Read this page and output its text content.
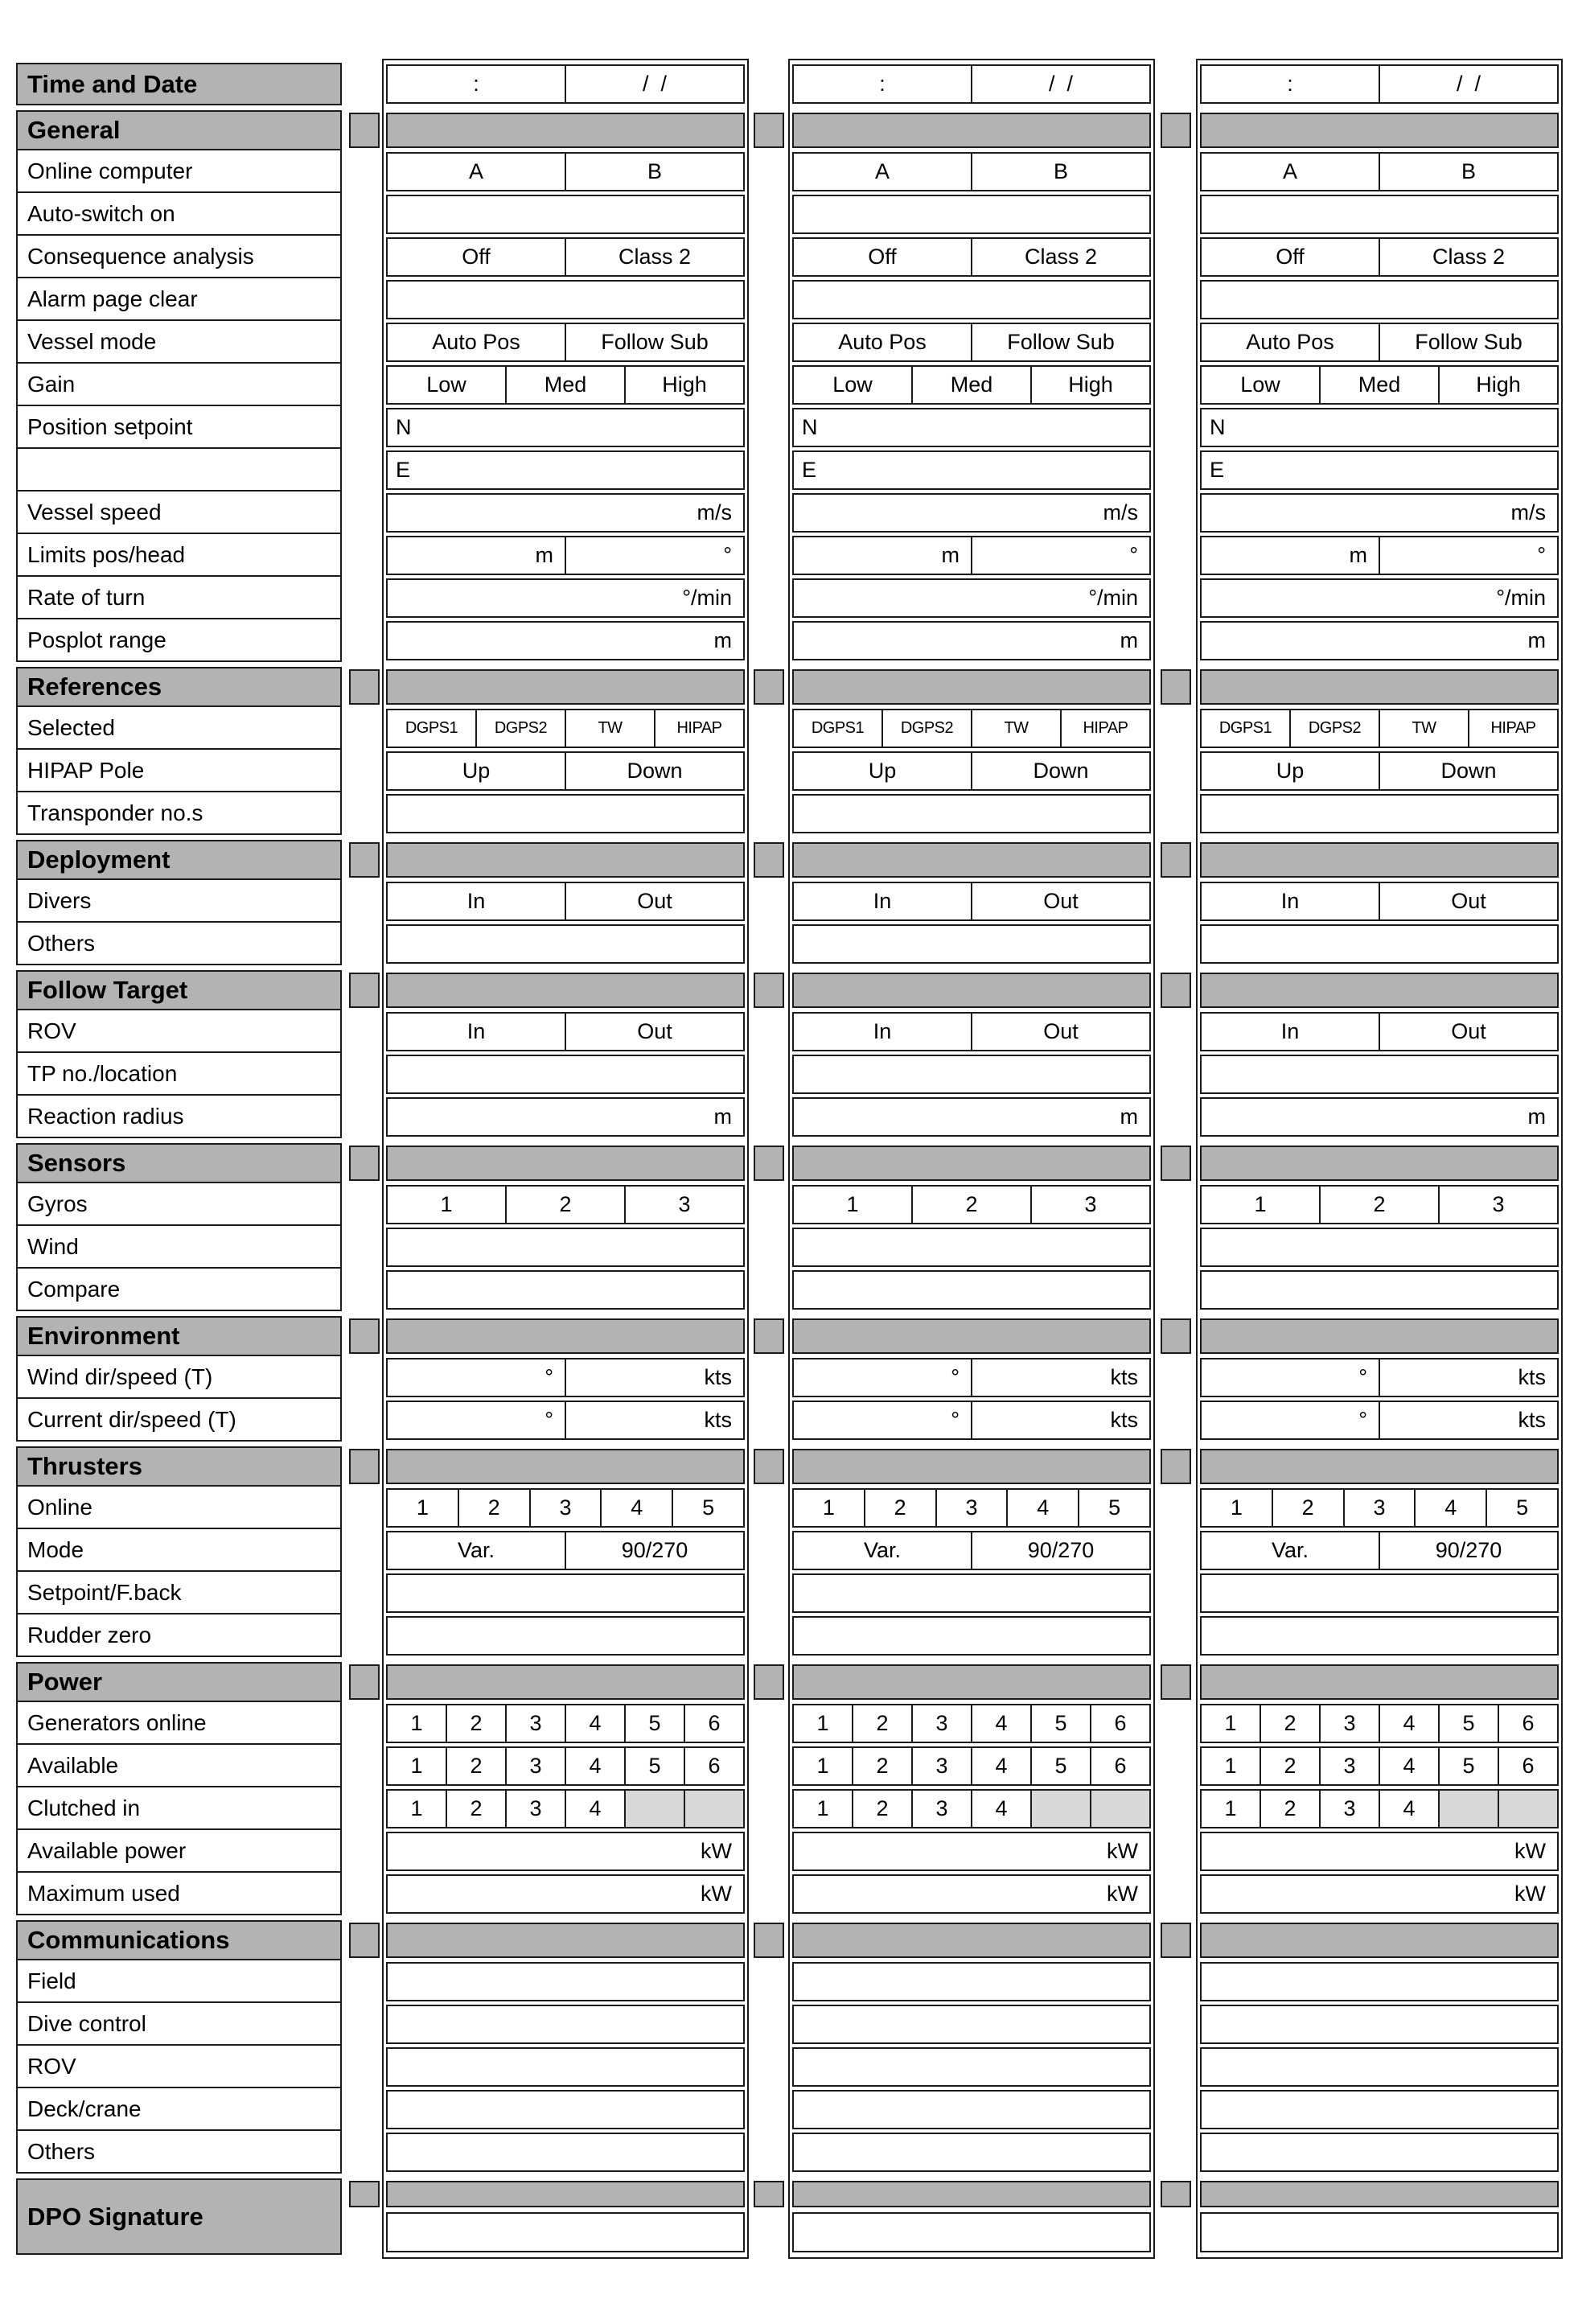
Time and Date	:	/  /	:	/  /	:	/  /
General
Online computer	A	B	A	B	A	B
Auto-switch on
Consequence analysis	Off	Class 2	Off	Class 2	Off	Class 2
Alarm page clear
Vessel mode	Auto Pos	Follow Sub	Auto Pos	Follow Sub	Auto Pos	Follow Sub
Gain	Low	Med	High	Low	Med	High	Low	Med	High
Position setpoint	N	N	N
E	E	E
Vessel speed	m/s	m/s	m/s
Limits pos/head	m	°	m	°	m	°
Rate of turn	°/min	°/min	°/min
Posplot range	m	m	m
References
Selected	DGPS1	DGPS2	TW	HIPAP	DGPS1	DGPS2	TW	HIPAP	DGPS1	DGPS2	TW	HIPAP
HIPAP Pole	Up	Down	Up	Down	Up	Down
Transponder no.s
Deployment
Divers	In	Out	In	Out	In	Out
Others
Follow Target
ROV	In	Out	In	Out	In	Out
TP no./location
Reaction radius	m	m	m
Sensors
Gyros	1	2	3	1	2	3	1	2	3
Wind
Compare
Environment
Wind dir/speed (T)	°	kts	°	kts	°	kts
Current dir/speed (T)	°	kts	°	kts	°	kts
Thrusters
Online	1	2	3	4	5	1	2	3	4	5	1	2	3	4	5
Mode	Var.	90/270	Var.	90/270	Var.	90/270
Setpoint/F.back
Rudder zero
Power
Generators online	1	2	3	4	5	6	1	2	3	4	5	6	1	2	3	4	5	6
Available	1	2	3	4	5	6	1	2	3	4	5	6	1	2	3	4	5	6
Clutched in	1	2	3	4	1	2	3	4	1	2	3	4
Available power	kW	kW	kW
Maximum used	kW	kW	kW
Communications
Field
Dive control
ROV
Deck/crane
Others
DPO Signature
